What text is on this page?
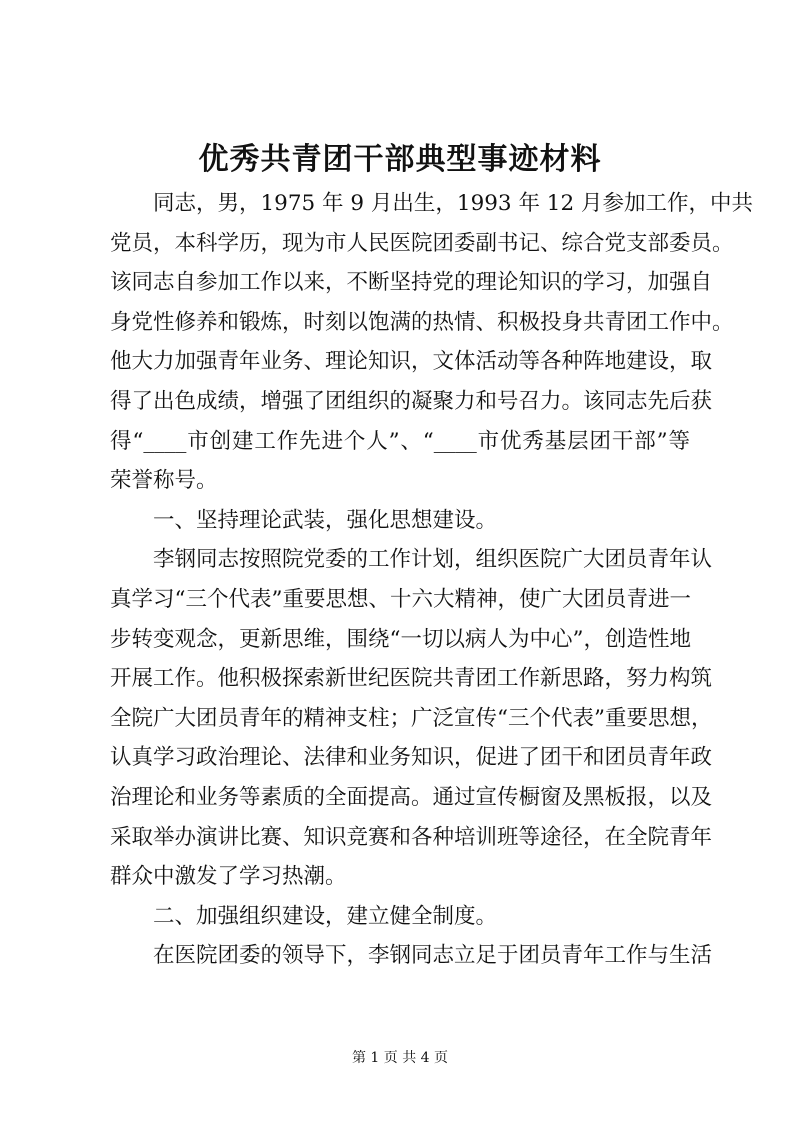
优秀共青团干部典型事迹材料
　　同志，男，1975 年 9 月出生，1993 年 12 月参加工作，中共
党员，本科学历，现为市人民医院团委副书记、综合党支部委员。
该同志自参加工作以来，不断坚持党的理论知识的学习，加强自
身党性修养和锻炼，时刻以饱满的热情、积极投身共青团工作中。
他大力加强青年业务、理论知识，文体活动等各种阵地建设，取
得了出色成绩，增强了团组织的凝聚力和号召力。该同志先后获
得“____市创建工作先进个人”、“____市优秀基层团干部”等
荣誉称号。
　　一、坚持理论武装，强化思想建设。
　　李钢同志按照院党委的工作计划，组织医院广大团员青年认
真学习“三个代表”重要思想、十六大精神，使广大团员青进一
步转变观念，更新思维，围绕“一切以病人为中心”，创造性地
开展工作。他积极探索新世纪医院共青团工作新思路，努力构筑
全院广大团员青年的精神支柱；广泛宣传“三个代表”重要思想，
认真学习政治理论、法律和业务知识，促进了团干和团员青年政
治理论和业务等素质的全面提高。通过宣传橱窗及黑板报，以及
采取举办演讲比赛、知识竞赛和各种培训班等途径，在全院青年
群众中激发了学习热潮。
　　二、加强组织建设，建立健全制度。
　　在医院团委的领导下，李钢同志立足于团员青年工作与生活
第 1 页 共 4 页
